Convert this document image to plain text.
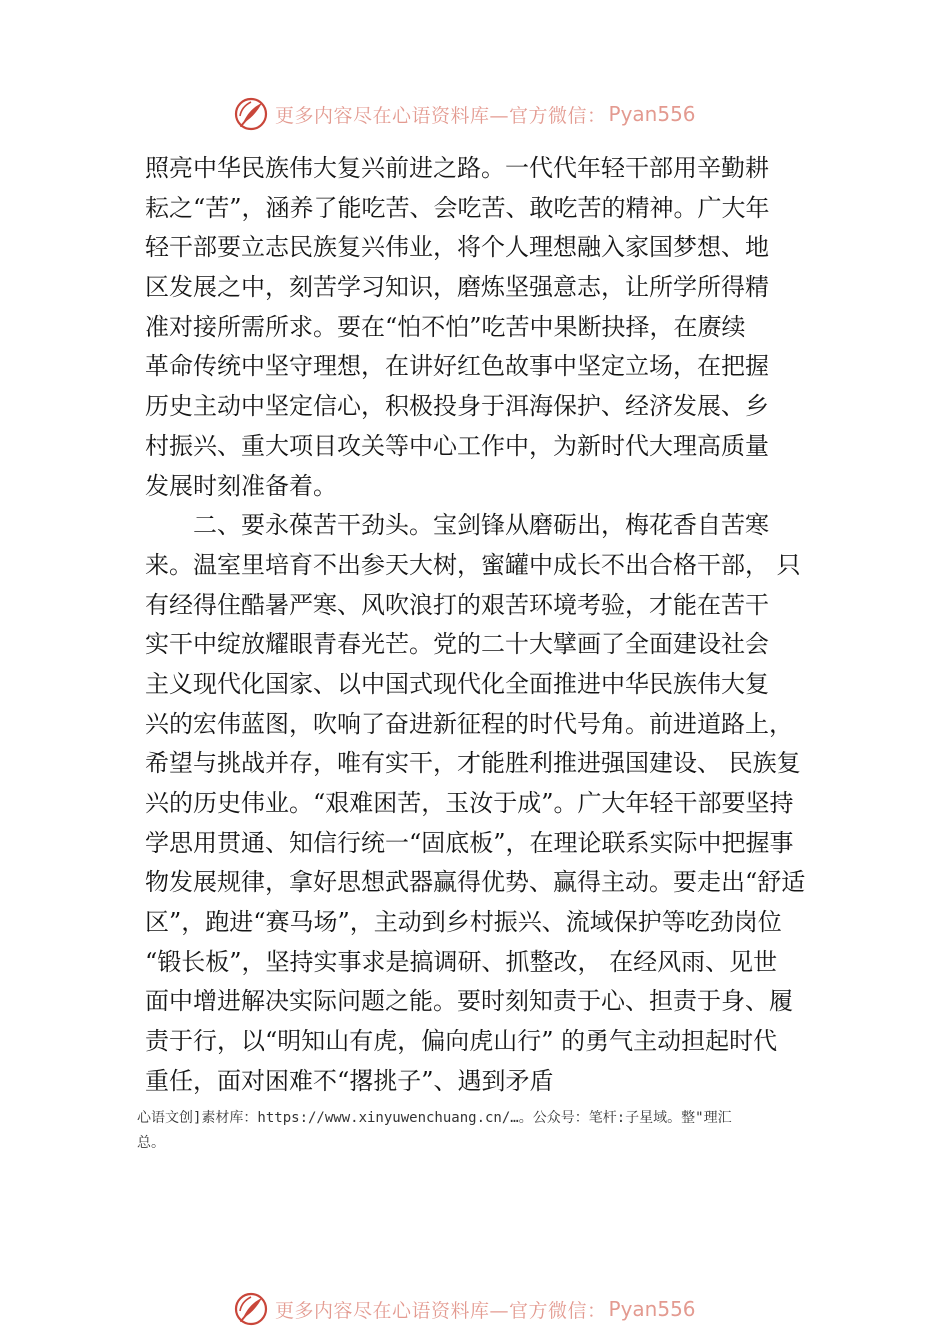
更多内容尽在心语资料库—官方微信： Pyan556
照亮中华民族伟大复兴前进之路。一代代年轻干部用辛勤耕
耘之“苦”，涵养了能吃苦、会吃苦、敢吃苦的精神。广大年
轻干部要立志民族复兴伟业，将个人理想融入家国梦想、地
区发展之中，刻苦学习知识，磨炼坚强意志，让所学所得精
准对接所需所求。要在“怕不怕”吃苦中果断抉择，在赓续
革命传统中坚守理想，在讲好红色故事中坚定立场，在把握
历史主动中坚定信心，积极投身于洱海保护、经济发展、乡
村振兴、重大项目攻关等中心工作中，为新时代大理高质量
发展时刻准备着。
二、要永葆苦干劲头。宝剑锋从磨砺出，梅花香自苦寒
来。温室里培育不出参天大树，蜜罐中成长不出合格干部， 只
有经得住酷暑严寒、风吹浪打的艰苦环境考验，才能在苦干
实干中绽放耀眼青春光芒。党的二十大擘画了全面建设社会
主义现代化国家、以中国式现代化全面推进中华民族伟大复
兴的宏伟蓝图，吹响了奋进新征程的时代号角。前进道路上，
希望与挑战并存，唯有实干，才能胜利推进强国建设、 民族复
兴的历史伟业。“艰难困苦，玉汝于成”。广大年轻干部要坚持
学思用贯通、知信行统一“固底板”，在理论联系实际中把握事
物发展规律，拿好思想武器赢得优势、赢得主动。要走出“舒适
区”，跑进“赛马场”，主动到乡村振兴、流域保护等吃劲岗位
“锻长板”，坚持实事求是搞调研、抓整改， 在经风雨、见世
面中增进解决实际问题之能。要时刻知责于心、担责于身、履
责于行，以“明知山有虎，偏向虎山行” 的勇气主动担起时代
重任，面对困难不“撂挑子”、遇到矛盾
心语文创]素材库：https://www.xinyuwenchuang.cn/…。公众号：笔杆:子星域。整"理汇
总。
更多内容尽在心语资料库—官方微信： Pyan556
